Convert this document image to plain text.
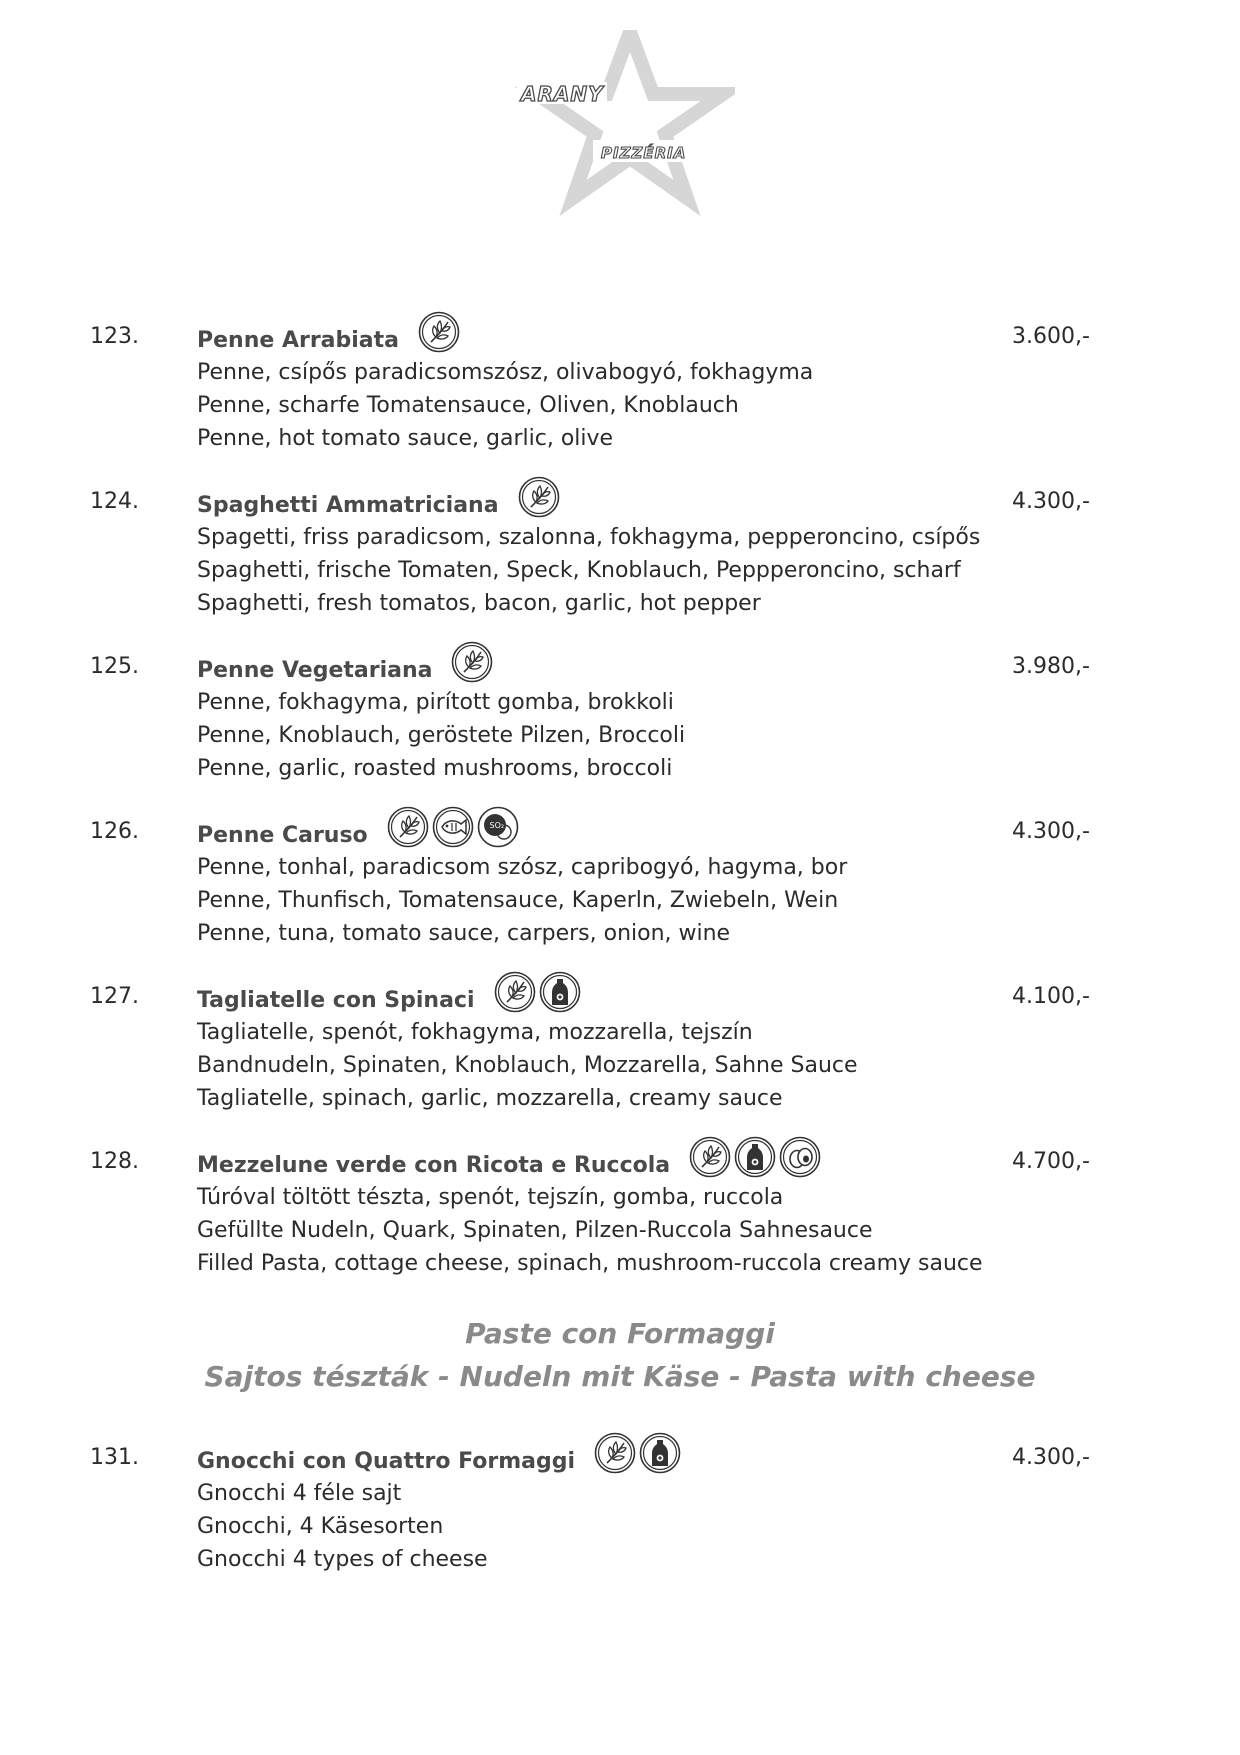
ARANY
PIZZÉRIA
123.	Penne Arrabiata	3.600,-
Penne, csípős paradicsomszósz, olivabogyó, fokhagyma
Penne, scharfe Tomatensauce, Oliven, Knoblauch
Penne, hot tomato sauce, garlic, olive
124.	Spaghetti Ammatriciana	4.300,-
Spagetti, friss paradicsom, szalonna, fokhagyma, pepperoncino, csípős
Spaghetti, frische Tomaten, Speck, Knoblauch, Peppperoncino, scharf
Spaghetti, fresh tomatos, bacon, garlic, hot pepper
125.	Penne Vegetariana	3.980,-
Penne, fokhagyma, pirított gomba, brokkoli
Penne, Knoblauch, geröstete Pilzen, Broccoli
Penne, garlic, roasted mushrooms, broccoli
126.	Penne Caruso	SO₂	4.300,-
Penne, tonhal, paradicsom szósz, capribogyó, hagyma, bor
Penne, Thunfisch, Tomatensauce, Kaperln, Zwiebeln, Wein
Penne, tuna, tomato sauce, carpers, onion, wine
127.	Tagliatelle con Spinaci	4.100,-
Tagliatelle, spenót, fokhagyma, mozzarella, tejszín
Bandnudeln, Spinaten, Knoblauch, Mozzarella, Sahne Sauce
Tagliatelle, spinach, garlic, mozzarella, creamy sauce
128.	Mezzelune verde con Ricota e Ruccola	4.700,-
Túróval töltött tészta, spenót, tejszín, gomba, ruccola
Gefüllte Nudeln, Quark, Spinaten, Pilzen-Ruccola Sahnesauce
Filled Pasta, cottage cheese, spinach, mushroom-ruccola creamy sauce
Paste con Formaggi
Sajtos tészták - Nudeln mit Käse - Pasta with cheese
131.	Gnocchi con Quattro Formaggi	4.300,-
Gnocchi 4 féle sajt
Gnocchi, 4 Käsesorten
Gnocchi 4 types of cheese
